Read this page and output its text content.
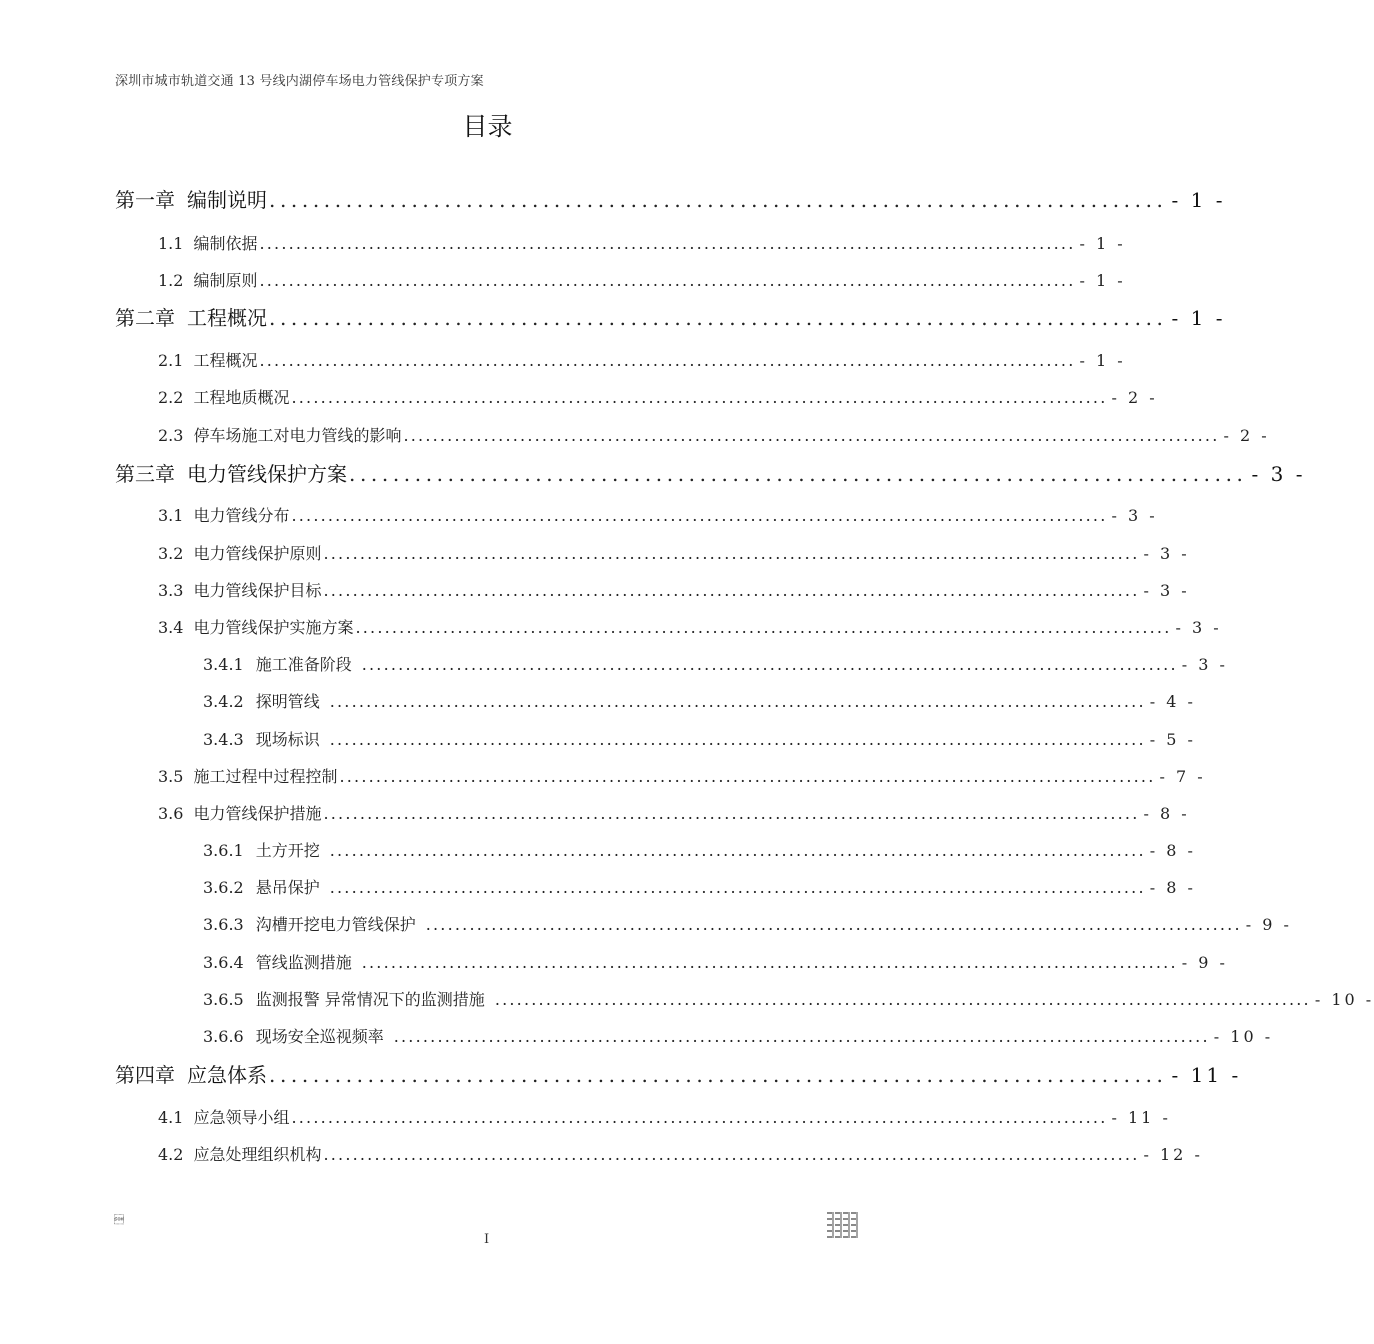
深圳市城市轨道交通 13 号线内湖停车场电力管线保护专项方案
目录
第一章 编制说明 .................................................................................. - 1 -
1.1 编制依据 ................................................................................................................ - 1 -
1.2 编制原则 ................................................................................................................ - 1 -
第二章 工程概况 .................................................................................. - 1 -
2.1 工程概况 ................................................................................................................ - 1 -
2.2 工程地质概况 ................................................................................................................ - 2 -
2.3 停车场施工对电力管线的影响 ................................................................................................................ - 2 -
第三章 电力管线保护方案 .................................................................................. - 3 -
3.1 电力管线分布 ................................................................................................................ - 3 -
3.2 电力管线保护原则 ................................................................................................................ - 3 -
3.3 电力管线保护目标 ................................................................................................................ - 3 -
3.4 电力管线保护实施方案 ................................................................................................................ - 3 -
3.4.1 施工准备阶段 ................................................................................................................ - 3 -
3.4.2 探明管线 ................................................................................................................ - 4 -
3.4.3 现场标识 ................................................................................................................ - 5 -
3.5 施工过程中过程控制 ................................................................................................................ - 7 -
3.6 电力管线保护措施 ................................................................................................................ - 8 -
3.6.1 土方开挖 ................................................................................................................ - 8 -
3.6.2 悬吊保护 ................................................................................................................ - 8 -
3.6.3 沟槽开挖电力管线保护 ................................................................................................................ - 9 -
3.6.4 管线监测措施 ................................................................................................................ - 9 -
3.6.5 监测报警 异常情况下的监测措施 ................................................................................................................ - 10 -
3.6.6 现场安全巡视频率 ................................................................................................................ - 10 -
第四章 应急体系 .................................................................................. - 11 -
4.1 应急领导小组 ................................................................................................................ - 11 -
4.2 应急处理组织机构 ................................................................................................................ - 12 -

I
